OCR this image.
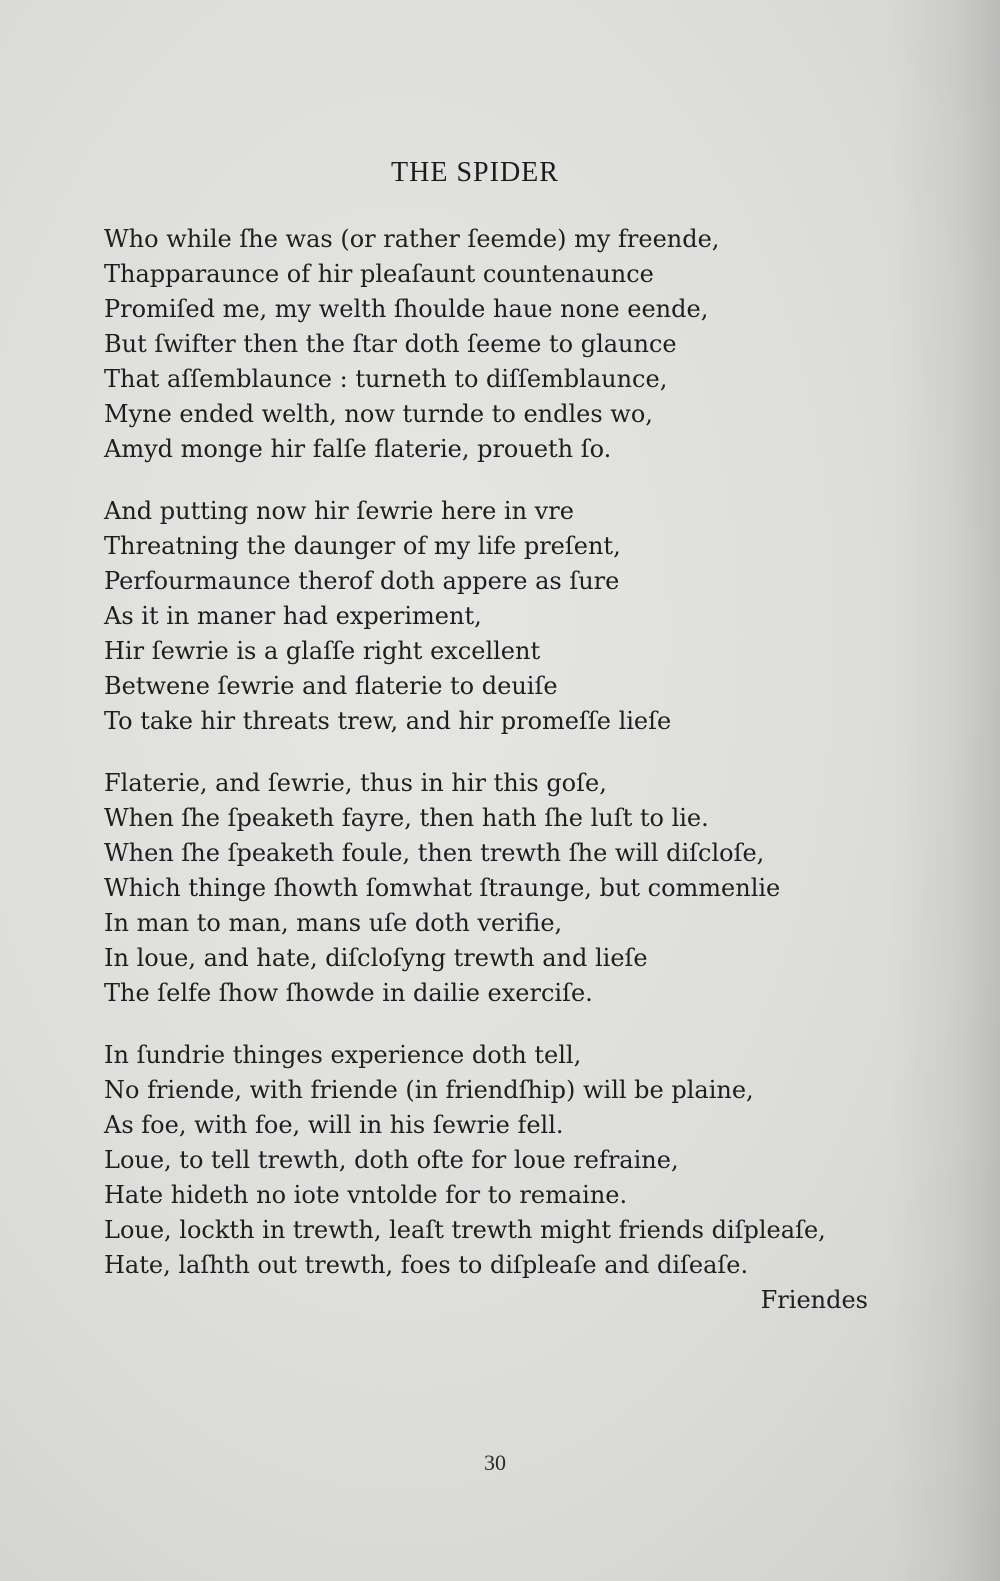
THE SPIDER
Who while ſhe was (or rather ſeemde) my freende,
Thapparaunce of hir pleaſaunt countenaunce
Promiſed me, my welth ſhoulde haue none eende,
But ſwifter then the ſtar doth ſeeme to glaunce
That aſſemblaunce : turneth to diſſemblaunce,
Myne ended welth, now turnde to endles wo,
Amyd monge hir falſe flaterie, proueth ſo.
And putting now hir ſewrie here in vre
Threatning the daunger of my life preſent,
Perfourmaunce therof doth appere as ſure
As it in maner had experiment,
Hir ſewrie is a glaſſe right excellent
Betwene ſewrie and flaterie to deuiſe
To take hir threats trew, and hir promeſſe lieſe
Flaterie, and ſewrie, thus in hir this goſe,
When ſhe ſpeaketh fayre, then hath ſhe luſt to lie.
When ſhe ſpeaketh foule, then trewth ſhe will diſcloſe,
Which thinge ſhowth ſomwhat ſtraunge, but commenlie
In man to man, mans uſe doth verifie,
In loue, and hate, diſcloſyng trewth and lieſe
The ſelfe ſhow ſhowde in dailie exerciſe.
In ſundrie thinges experience doth tell,
No friende, with friende (in friendſhip) will be plaine,
As foe, with foe, will in his ſewrie fell.
Loue, to tell trewth, doth ofte for loue refraine,
Hate hideth no iote vntolde for to remaine.
Loue, lockth in trewth, leaſt trewth might friends diſpleaſe,
Hate, laſhth out trewth, foes to diſpleaſe and diſeaſe.
Friendes
30
